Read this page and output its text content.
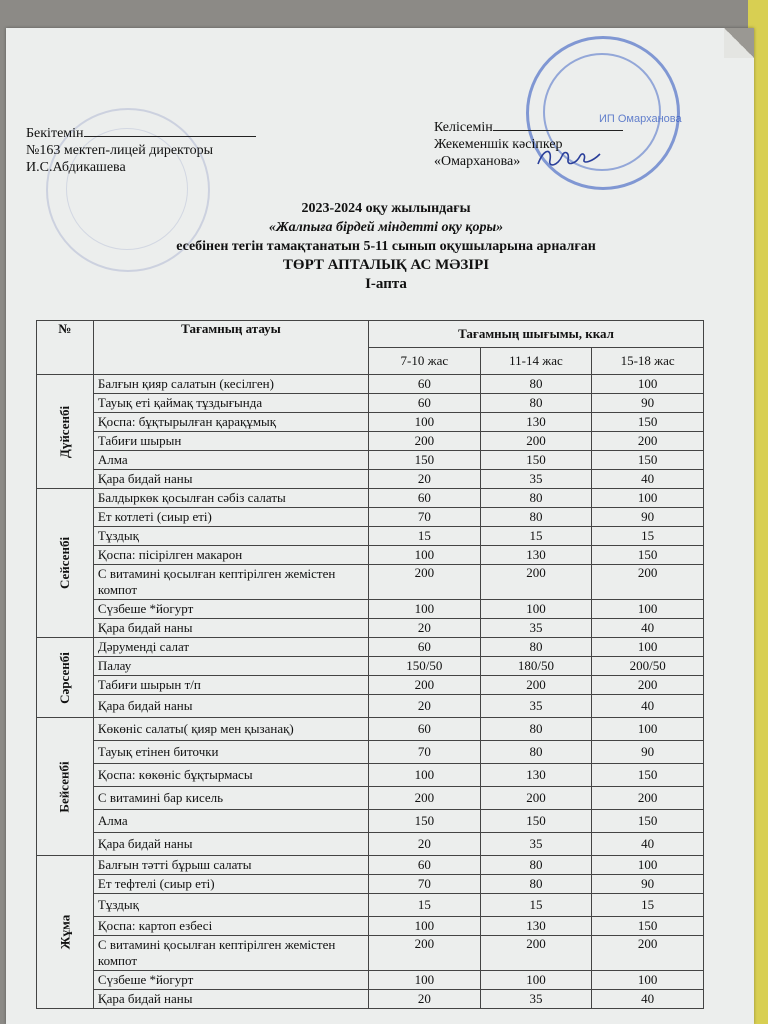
ИП Омарханова
Бекітемін
№163 мектеп-лицей директоры
И.С.Абдикашева
Келісемін
Жекеменшік кәсіпкер
«Омарханова»
2023-2024 оқу жылындағы
«Жалпыға бірдей міндетті оқу қоры»
есебінен тегін тамақтанатын 5-11 сынып оқушыларына арналған
ТӨРТ АПТАЛЫҚ АС МӘЗІРІ
I-апта
№	Тағамның атауы	Тағамның шығымы, ккал		
		7-10 жас	11-14 жас	15-18 жас
Дүйсенбі	Балғын қияр салатын (кесілген)	60	80	100
	Тауық еті қаймақ тұздығында	60	80	90
	Қоспа: бұқтырылған қарақұмық	100	130	150
	Табиғи шырын	200	200	200
	Алма	150	150	150
	Қара бидай наны	20	35	40
Сейсенбі	Балдыркөк қосылған сәбіз салаты	60	80	100
	Ет котлеті (сиыр еті)	70	80	90
	Тұздық	15	15	15
	Қоспа: пісірілген макарон	100	130	150
	С витамині қосылған кептірілген жемістен компот	200	200	200
	Сүзбеше *йогурт	100	100	100
	Қара бидай наны	20	35	40
Сәрсенбі	Дәрумендi салат	60	80	100
	Палау	150/50	180/50	200/50
	Табиғи шырын т/п	200	200	200
	Қара бидай наны	20	35	40
Бейсенбі	Көкөніс салаты( қияр мен қызанақ)	60	80	100
	Тауық етінен биточки	70	80	90
	Қоспа: көкөніс бұқтырмасы	100	130	150
	С витаминi бар кисель	200	200	200
	Алма	150	150	150
	Қара бидай наны	20	35	40
Жұма	Балғын тәтті бұрыш салаты	60	80	100
	Ет тефтелі (сиыр еті)	70	80	90
	Тұздық	15	15	15
	Қоспа: картоп езбесі	100	130	150
	С витаминi қосылған кептірілген жемістен компот	200	200	200
	Сүзбеше *йогурт	100	100	100
	Қара бидай наны	20	35	40
